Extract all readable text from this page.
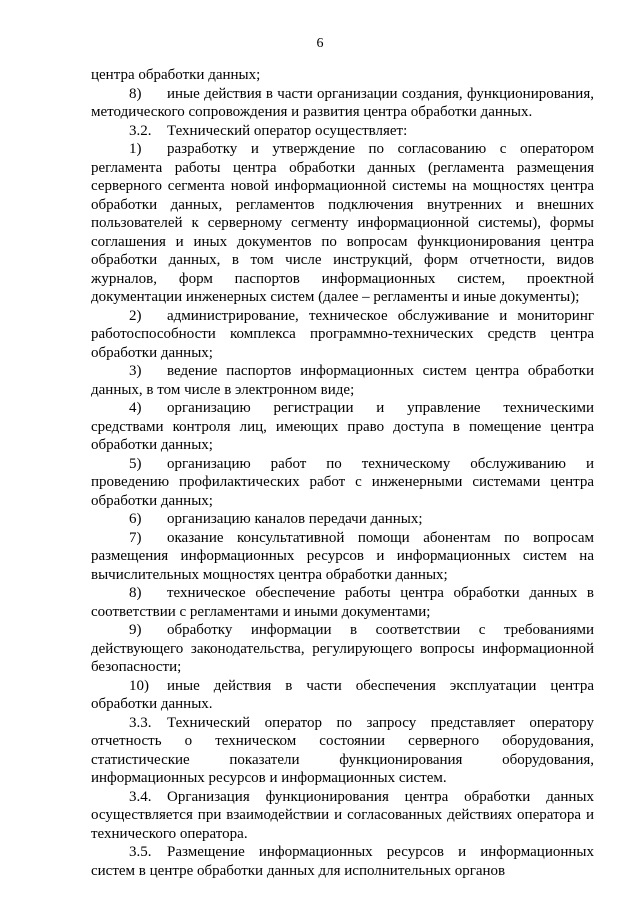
6

центра обработки данных;

8) иные действия в части организации создания, функционирования, методического сопровождения и развития центра обработки данных.

3.2. Технический оператор осуществляет:

1) разработку и утверждение по согласованию с оператором регламента работы центра обработки данных (регламента размещения серверного сегмента новой информационной системы на мощностях центра обработки данных, регламентов подключения внутренних и внешних пользователей к серверному сегменту информационной системы), формы соглашения и иных документов по вопросам функционирования центра обработки данных, в том числе инструкций, форм отчетности, видов журналов, форм паспортов информационных систем, проектной документации инженерных систем (далее – регламенты и иные документы);

2) администрирование, техническое обслуживание и мониторинг работоспособности комплекса программно-технических средств центра обработки данных;

3) ведение паспортов информационных систем центра обработки данных, в том числе в электронном виде;

4) организацию регистрации и управление техническими средствами контроля лиц, имеющих право доступа в помещение центра обработки данных;

5) организацию работ по техническому обслуживанию и проведению профилактических работ с инженерными системами центра обработки данных;

6) организацию каналов передачи данных;

7) оказание консультативной помощи абонентам по вопросам размещения информационных ресурсов и информационных систем на вычислительных мощностях центра обработки данных;

8) техническое обеспечение работы центра обработки данных в соответствии с регламентами и иными документами;

9) обработку информации в соответствии с требованиями действующего законодательства, регулирующего вопросы информационной безопасности;

10) иные действия в части обеспечения эксплуатации центра обработки данных.

3.3. Технический оператор по запросу представляет оператору отчетность о техническом состоянии серверного оборудования, статистические показатели функционирования оборудования, информационных ресурсов и информационных систем.

3.4. Организация функционирования центра обработки данных осуществляется при взаимодействии и согласованных действиях оператора и технического оператора.

3.5. Размещение информационных ресурсов и информационных систем в центре обработки данных для исполнительных органов
